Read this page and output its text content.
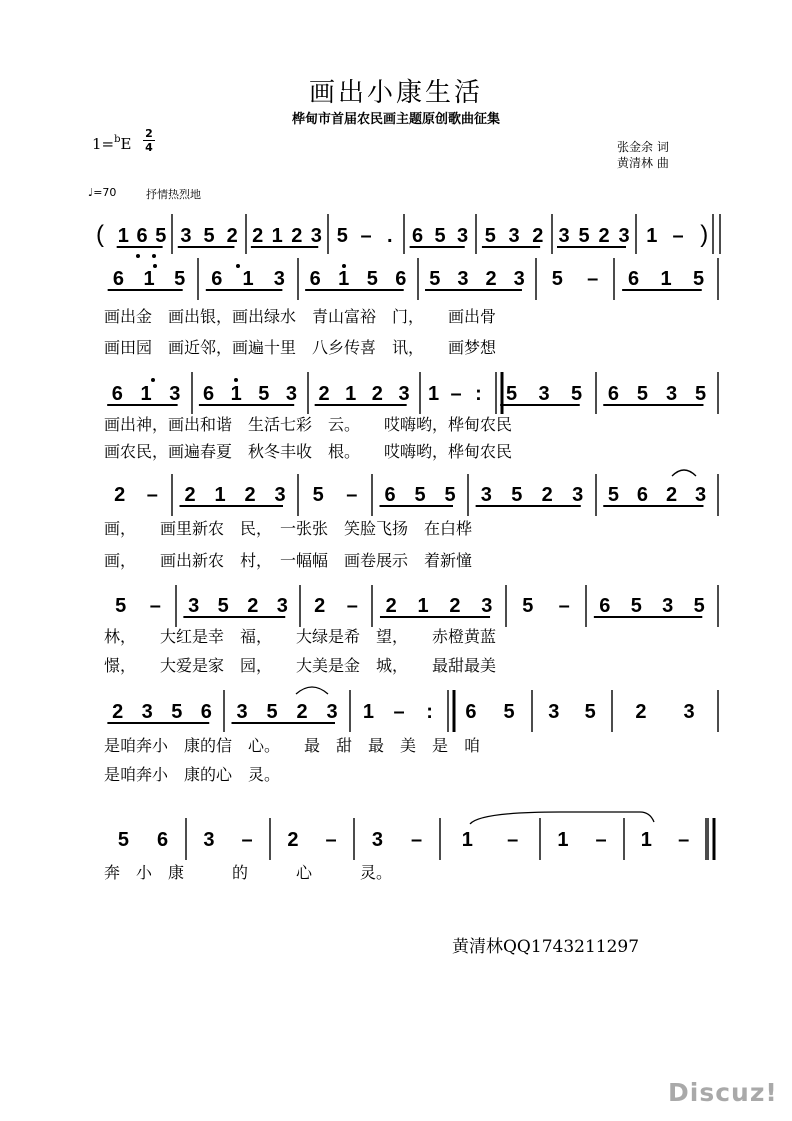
画出小康生活
桦甸市首届农民画主题原创歌曲征集
1=$^b$E
2
4	张金余 词
黄清林 曲
♩=70	抒情热烈地
( 1 6 5 3 5 2 2 1 2 3 5 – . 6 5 3 5 3 2 3 5 2 3 1 – )
6 1 5 6 1 3 6 1 5 6 5 3 2 3 5 – 6 1 5
画出金　画出银，画出绿水　青山富裕　门，　　画出骨
画田园　画近邻，画遍十里　八乡传喜　讯，　　画梦想
6 1 3 6 1 5 3 2 1 2 3 1 – : 5 3 5 6 5 3 5
画出神，画出和谐　生活七彩　云。　　哎嗨哟，桦甸农民
画农民，画遍春夏　秋冬丰收　根。　　哎嗨哟，桦甸农民
2 – 2 1 2 3 5 – 6 5 5 3 5 2 3 5 6 2 3
画，　　画里新农　民，　一张张　笑脸飞扬　在白桦
画，　　画出新农　村，　一幅幅　画卷展示　着新憧
5 – 3 5 2 3 2 – 2 1 2 3 5 – 6 5 3 5
林，　　大红是幸　福，　　大绿是希　望，　　赤橙黄蓝
憬，　　大爱是家　园，　　大美是金　城，　　最甜最美
2 3 5 6 3 5 2 3 1 – : 6 5 3 5 2 3
是咱奔小　康的信　心。　　最　甜　最　美　是　咱
是咱奔小　康的心　灵。
5 6 3 – 2 – 3 – 1 – 1 – 1 –
奔　小　康　　　的　　　心　　　灵。
黄清林QQ1743211297
Discuz!
